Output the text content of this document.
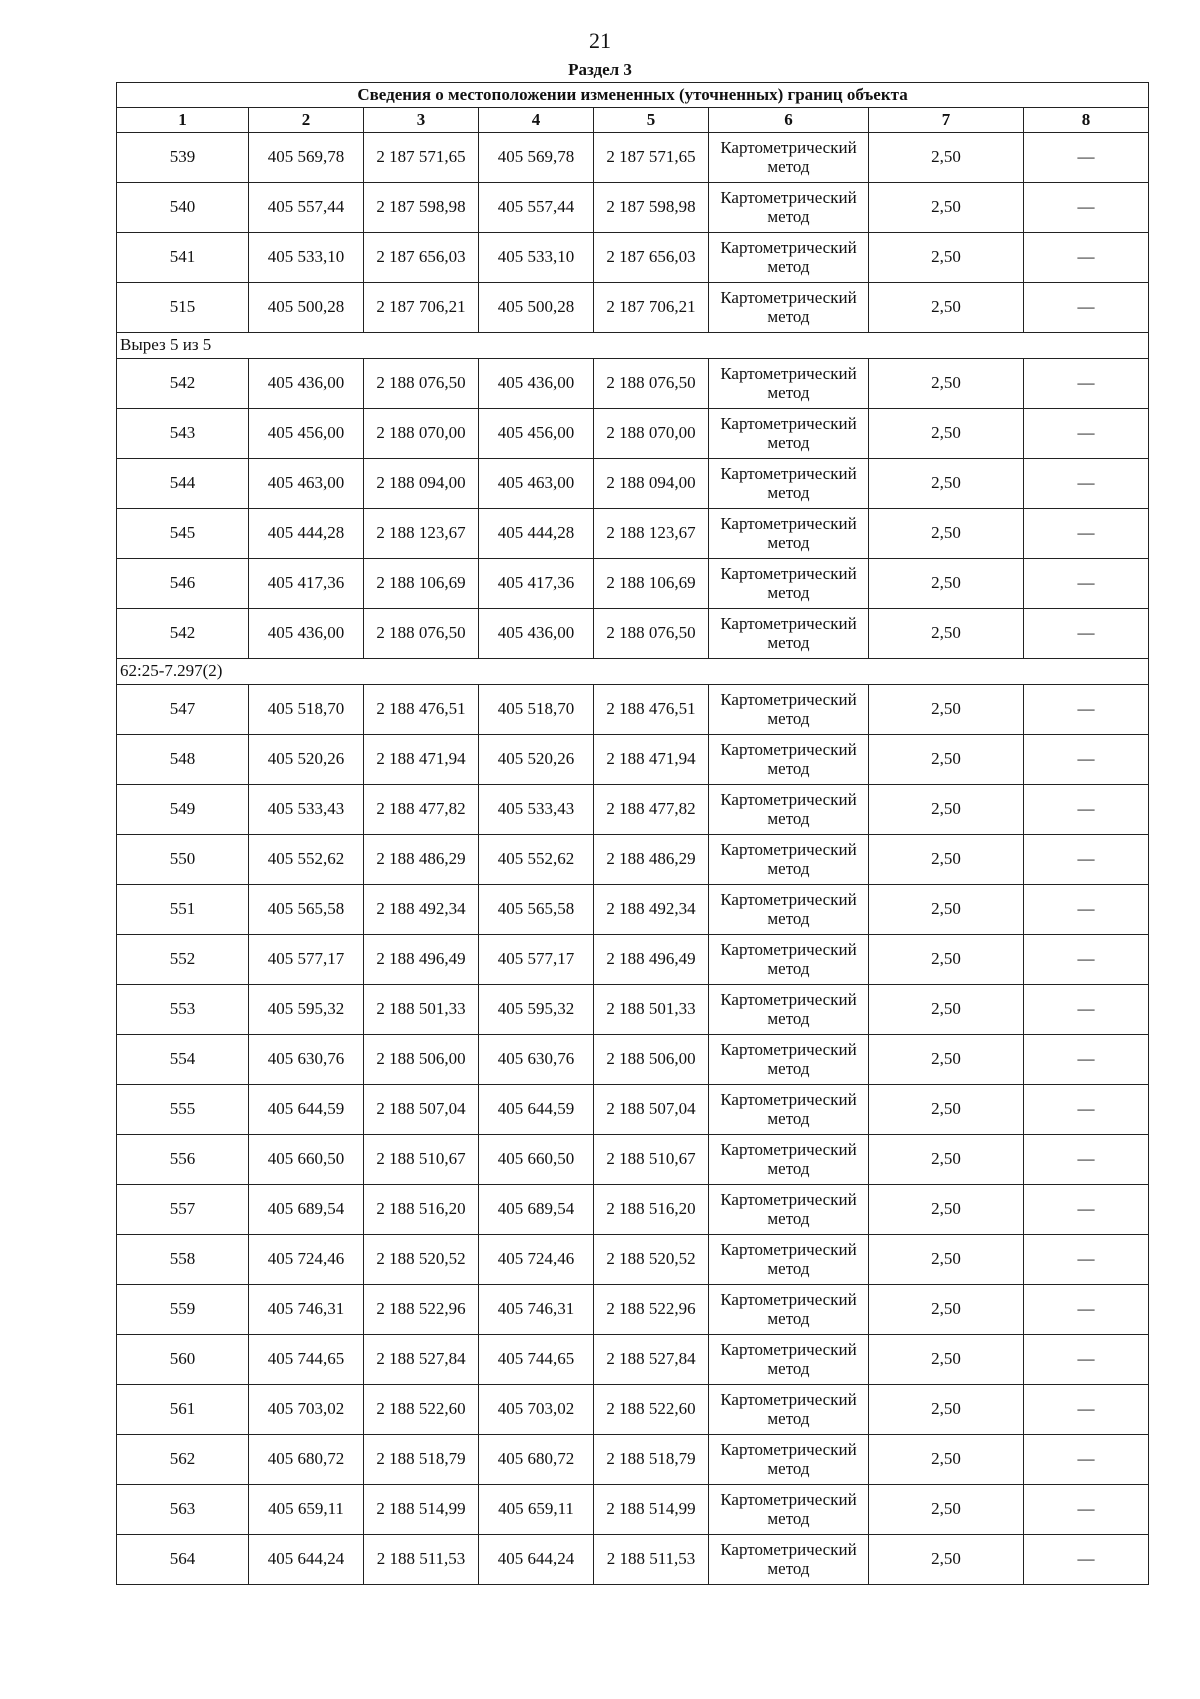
21
Раздел 3
Сведения о местоположении измененных (уточненных) границ объекта							
1	2	3	4	5	6	7	8
539	405 569,78	2 187 571,65	405 569,78	2 187 571,65	Картометрический метод	2,50	—
540	405 557,44	2 187 598,98	405 557,44	2 187 598,98	Картометрический метод	2,50	—
541	405 533,10	2 187 656,03	405 533,10	2 187 656,03	Картометрический метод	2,50	—
515	405 500,28	2 187 706,21	405 500,28	2 187 706,21	Картометрический метод	2,50	—
Вырез 5 из 5							
542	405 436,00	2 188 076,50	405 436,00	2 188 076,50	Картометрический метод	2,50	—
543	405 456,00	2 188 070,00	405 456,00	2 188 070,00	Картометрический метод	2,50	—
544	405 463,00	2 188 094,00	405 463,00	2 188 094,00	Картометрический метод	2,50	—
545	405 444,28	2 188 123,67	405 444,28	2 188 123,67	Картометрический метод	2,50	—
546	405 417,36	2 188 106,69	405 417,36	2 188 106,69	Картометрический метод	2,50	—
542	405 436,00	2 188 076,50	405 436,00	2 188 076,50	Картометрический метод	2,50	—
62:25-7.297(2)							
547	405 518,70	2 188 476,51	405 518,70	2 188 476,51	Картометрический метод	2,50	—
548	405 520,26	2 188 471,94	405 520,26	2 188 471,94	Картометрический метод	2,50	—
549	405 533,43	2 188 477,82	405 533,43	2 188 477,82	Картометрический метод	2,50	—
550	405 552,62	2 188 486,29	405 552,62	2 188 486,29	Картометрический метод	2,50	—
551	405 565,58	2 188 492,34	405 565,58	2 188 492,34	Картометрический метод	2,50	—
552	405 577,17	2 188 496,49	405 577,17	2 188 496,49	Картометрический метод	2,50	—
553	405 595,32	2 188 501,33	405 595,32	2 188 501,33	Картометрический метод	2,50	—
554	405 630,76	2 188 506,00	405 630,76	2 188 506,00	Картометрический метод	2,50	—
555	405 644,59	2 188 507,04	405 644,59	2 188 507,04	Картометрический метод	2,50	—
556	405 660,50	2 188 510,67	405 660,50	2 188 510,67	Картометрический метод	2,50	—
557	405 689,54	2 188 516,20	405 689,54	2 188 516,20	Картометрический метод	2,50	—
558	405 724,46	2 188 520,52	405 724,46	2 188 520,52	Картометрический метод	2,50	—
559	405 746,31	2 188 522,96	405 746,31	2 188 522,96	Картометрический метод	2,50	—
560	405 744,65	2 188 527,84	405 744,65	2 188 527,84	Картометрический метод	2,50	—
561	405 703,02	2 188 522,60	405 703,02	2 188 522,60	Картометрический метод	2,50	—
562	405 680,72	2 188 518,79	405 680,72	2 188 518,79	Картометрический метод	2,50	—
563	405 659,11	2 188 514,99	405 659,11	2 188 514,99	Картометрический метод	2,50	—
564	405 644,24	2 188 511,53	405 644,24	2 188 511,53	Картометрический метод	2,50	—
